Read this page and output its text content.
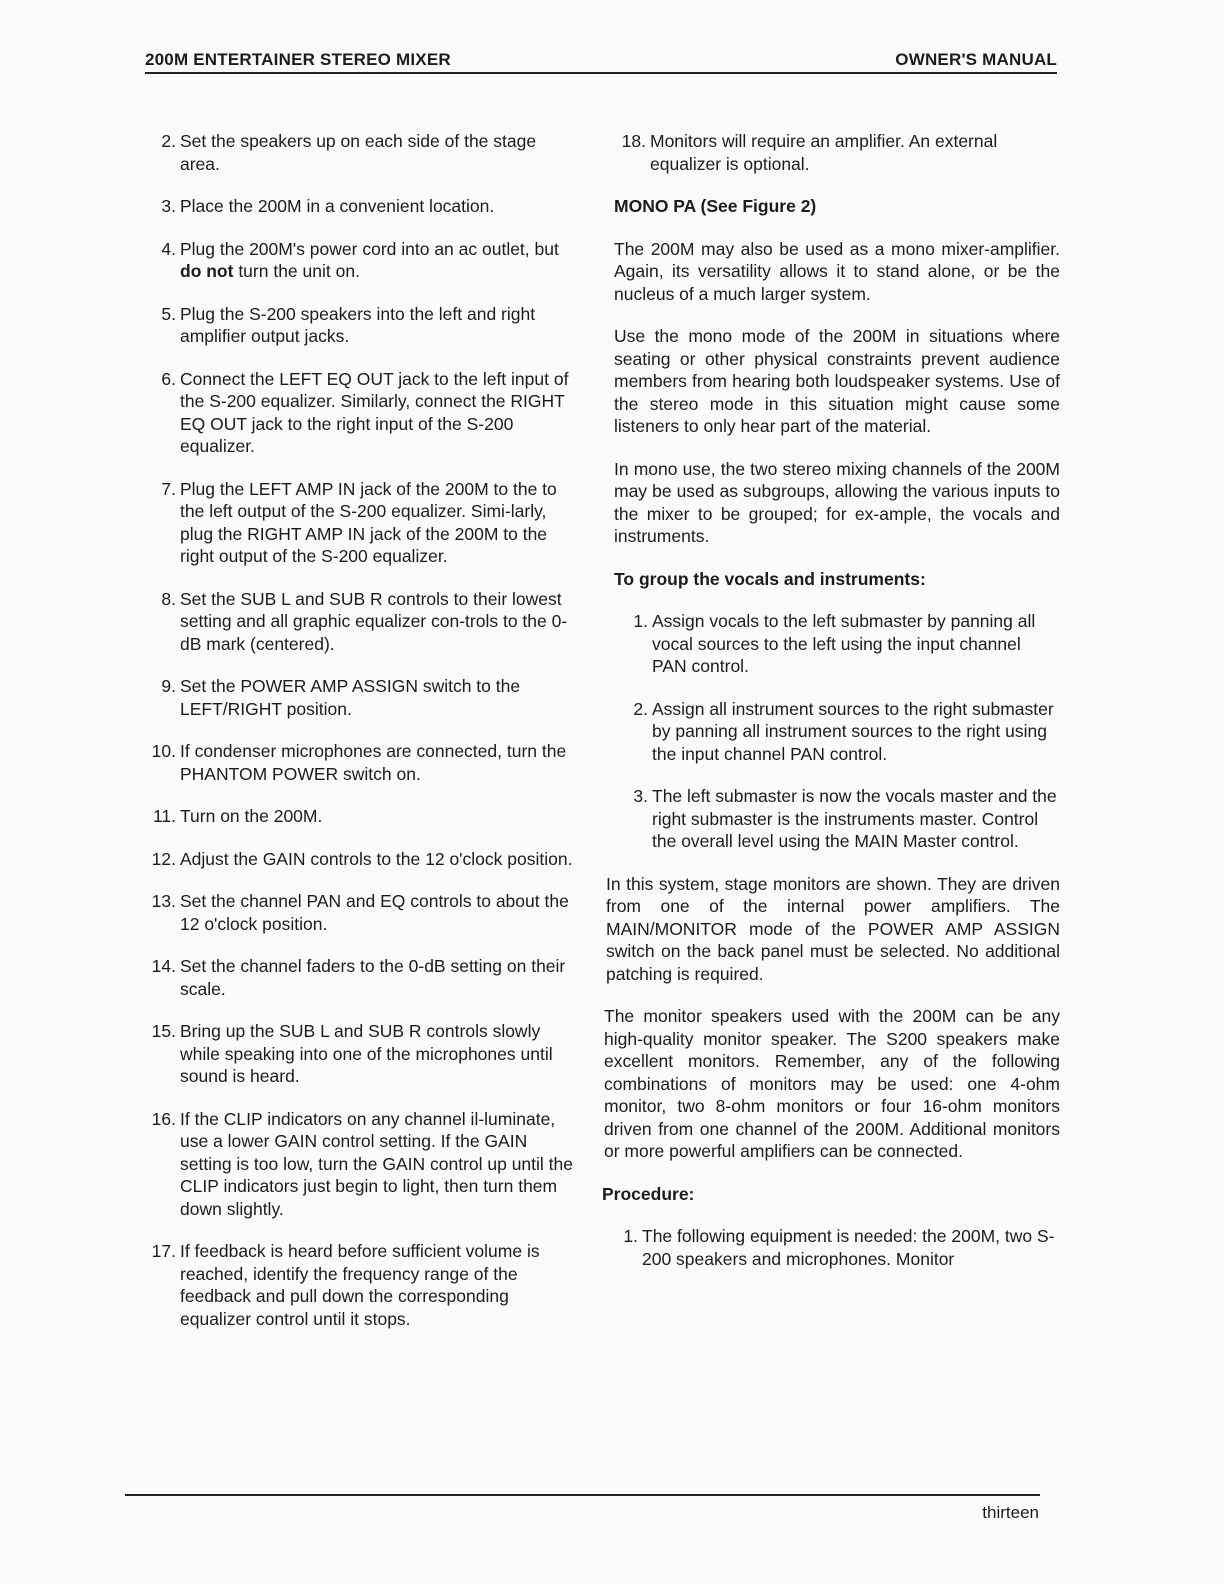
200M ENTERTAINER STEREO MIXER	OWNER'S MANUAL
2. Set the speakers up on each side of the stage area.
3. Place the 200M in a convenient location.
4. Plug the 200M's power cord into an ac outlet, but do not turn the unit on.
5. Plug the S-200 speakers into the left and right amplifier output jacks.
6. Connect the LEFT EQ OUT jack to the left input of the S-200 equalizer. Similarly, connect the RIGHT EQ OUT jack to the right input of the S-200 equalizer.
7. Plug the LEFT AMP IN jack of the 200M to the to the left output of the S-200 equalizer. Simi-larly, plug the RIGHT AMP IN jack of the 200M to the right output of the S-200 equalizer.
8. Set the SUB L and SUB R controls to their lowest setting and all graphic equalizer con-trols to the 0-dB mark (centered).
9. Set the POWER AMP ASSIGN switch to the LEFT/RIGHT position.
10. If condenser microphones are connected, turn the PHANTOM POWER switch on.
11. Turn on the 200M.
12. Adjust the GAIN controls to the 12 o'clock position.
13. Set the channel PAN and EQ controls to about the 12 o'clock position.
14. Set the channel faders to the 0-dB setting on their scale.
15. Bring up the SUB L and SUB R controls slowly while speaking into one of the microphones until sound is heard.
16. If the CLIP indicators on any channel il-luminate, use a lower GAIN control setting. If the GAIN setting is too low, turn the GAIN control up until the CLIP indicators just begin to light, then turn them down slightly.
17. If feedback is heard before sufficient volume is reached, identify the frequency range of the feedback and pull down the corresponding equalizer control until it stops.
18. Monitors will require an amplifier. An external equalizer is optional.
MONO PA (See Figure 2)
The 200M may also be used as a mono mixer-amplifier. Again, its versatility allows it to stand alone, or be the nucleus of a much larger system.
Use the mono mode of the 200M in situations where seating or other physical constraints prevent audience members from hearing both loudspeaker systems. Use of the stereo mode in this situation might cause some listeners to only hear part of the material.
In mono use, the two stereo mixing channels of the 200M may be used as subgroups, allowing the various inputs to the mixer to be grouped; for ex-ample, the vocals and instruments.
To group the vocals and instruments:
1. Assign vocals to the left submaster by panning all vocal sources to the left using the input channel PAN control.
2. Assign all instrument sources to the right submaster by panning all instrument sources to the right using the input channel PAN control.
3. The left submaster is now the vocals master and the right submaster is the instruments master. Control the overall level using the MAIN Master control.
In this system, stage monitors are shown. They are driven from one of the internal power amplifiers. The MAIN/MONITOR mode of the POWER AMP ASSIGN switch on the back panel must be selected. No additional patching is required.
The monitor speakers used with the 200M can be any high-quality monitor speaker. The S200 speakers make excellent monitors. Remember, any of the following combinations of monitors may be used: one 4-ohm monitor, two 8-ohm monitors or four 16-ohm monitors driven from one channel of the 200M. Additional monitors or more powerful amplifiers can be connected.
Procedure:
1. The following equipment is needed: the 200M, two S-200 speakers and microphones. Monitor
thirteen
